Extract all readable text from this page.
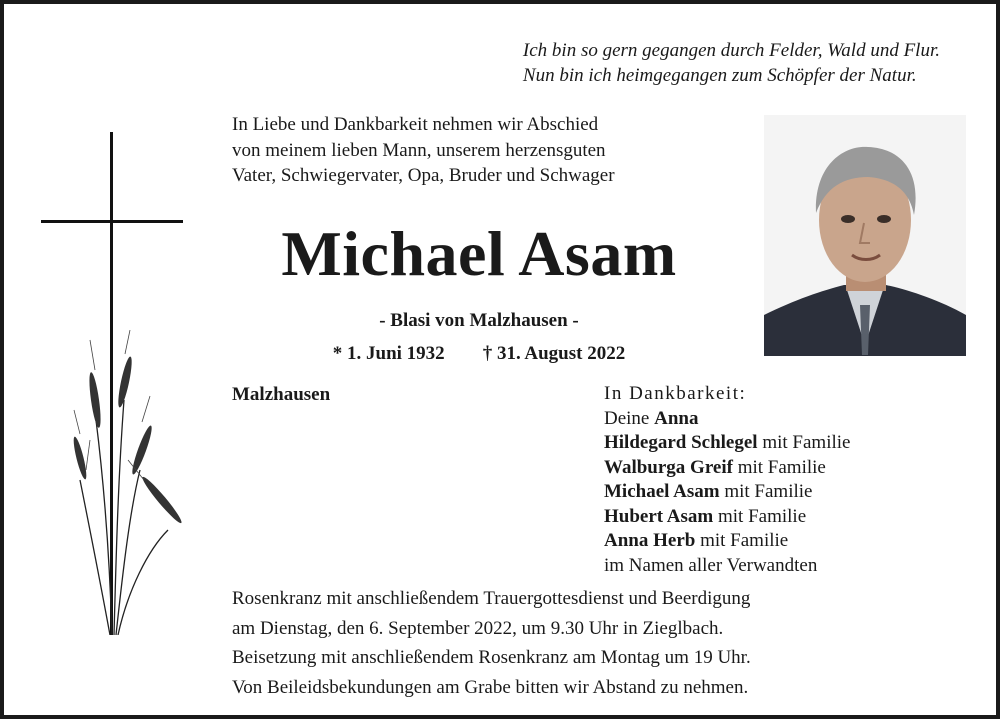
Ich bin so gern gegangen durch Felder, Wald und Flur.
Nun bin ich heimgegangen zum Schöpfer der Natur.
In Liebe und Dankbarkeit nehmen wir Abschied
von meinem lieben Mann, unserem herzensguten
Vater, Schwiegervater, Opa, Bruder und Schwager
Michael Asam
- Blasi von Malzhausen -
* 1. Juni 1932 † 31. August 2022
Malzhausen	In Dankbarkeit:
Deine Anna
Hildegard Schlegel mit Familie
Walburga Greif mit Familie
Michael Asam mit Familie
Hubert Asam mit Familie
Anna Herb mit Familie
im Namen aller Verwandten
Rosenkranz mit anschließendem Trauergottesdienst und Beerdigung
am Dienstag, den 6. September 2022, um 9.30 Uhr in Zieglbach.
Beisetzung mit anschließendem Rosenkranz am Montag um 19 Uhr.
Von Beileidsbekundungen am Grabe bitten wir Abstand zu nehmen.
